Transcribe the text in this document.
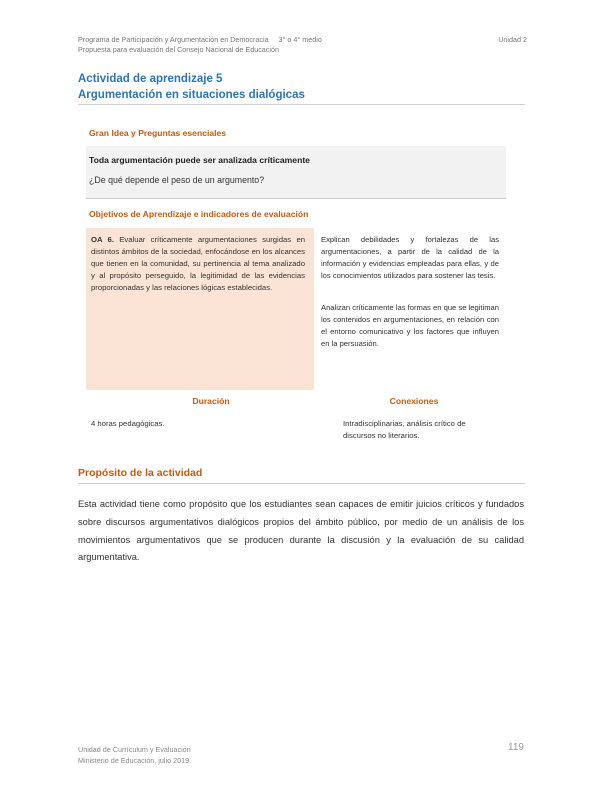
Programa de Participación y Argumentación en Democracia     3° o 4° medio
Propuesta para evaluación del Consejo Nacional de Educación
Unidad 2
Actividad de aprendizaje 5
Argumentación en situaciones dialógicas
Gran Idea y Preguntas esenciales
Toda argumentación puede ser analizada críticamente
¿De qué depende el peso de un argumento?
Objetivos de Aprendizaje e indicadores de evaluación
OA 6. Evaluar críticamente argumentaciones surgidas en distintos ámbitos de la sociedad, enfocándose en los alcances que tienen en la comunidad, su pertinencia al tema analizado y al propósito perseguido, la legitimidad de las evidencias proporcionadas y las relaciones lógicas establecidas.
Explican debilidades y fortalezas de las argumentaciones, a partir de la calidad de la información y evidencias empleadas para ellas, y de los conocimientos utilizados para sostener las tesis.
Analizan críticamente las formas en que se legitiman los contenidos en argumentaciones, en relación con el entorno comunicativo y los factores que influyen en la persuasión.
Duración
4 horas pedagógicas.
Conexiones
Intradisciplinarias, análisis crítico de discursos no literarios.
Propósito de la actividad
Esta actividad tiene como propósito que los estudiantes sean capaces de emitir juicios críticos y fundados sobre discursos argumentativos dialógicos propios del ámbito público, por medio de un análisis de los movimientos argumentativos que se producen durante la discusión y la evaluación de su calidad argumentativa.
Unidad de Currículum y Evaluación
Ministerio de Educación, julio 2019.
119
